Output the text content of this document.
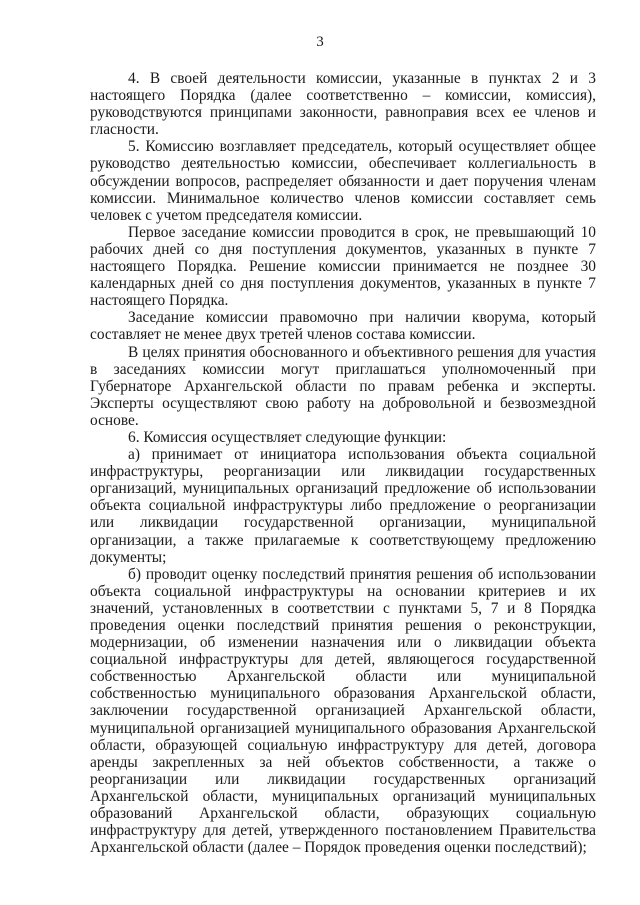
3

4. В своей деятельности комиссии, указанные в пунктах 2 и 3 настоящего Порядка (далее соответственно – комиссии, комиссия), руководствуются принципами законности, равноправия всех ее членов и гласности.

5. Комиссию возглавляет председатель, который осуществляет общее руководство деятельностью комиссии, обеспечивает коллегиальность в обсуждении вопросов, распределяет обязанности и дает поручения членам комиссии. Минимальное количество членов комиссии составляет семь человек с учетом председателя комиссии.

Первое заседание комиссии проводится в срок, не превышающий 10 рабочих дней со дня поступления документов, указанных в пункте 7 настоящего Порядка. Решение комиссии принимается не позднее 30 календарных дней со дня поступления документов, указанных в пункте 7 настоящего Порядка.

Заседание комиссии правомочно при наличии кворума, который составляет не менее двух третей членов состава комиссии.

В целях принятия обоснованного и объективного решения для участия в заседаниях комиссии могут приглашаться уполномоченный при Губернаторе Архангельской области по правам ребенка и эксперты. Эксперты осуществляют свою работу на добровольной и безвозмездной основе.

6. Комиссия осуществляет следующие функции:

а) принимает от инициатора использования объекта социальной инфраструктуры, реорганизации или ликвидации государственных организаций, муниципальных организаций предложение об использовании объекта социальной инфраструктуры либо предложение о реорганизации или ликвидации государственной организации, муниципальной организации, а также прилагаемые к соответствующему предложению документы;

б) проводит оценку последствий принятия решения об использовании объекта социальной инфраструктуры на основании критериев и их значений, установленных в соответствии с пунктами 5, 7 и 8 Порядка проведения оценки последствий принятия решения о реконструкции, модернизации, об изменении назначения или о ликвидации объекта социальной инфраструктуры для детей, являющегося государственной собственностью Архангельской области или муниципальной собственностью муниципального образования Архангельской области, заключении государственной организацией Архангельской области, муниципальной организацией муниципального образования Архангельской области, образующей социальную инфраструктуру для детей, договора аренды закрепленных за ней объектов собственности, а также о реорганизации или ликвидации государственных организаций Архангельской области, муниципальных организаций муниципальных образований Архангельской области, образующих социальную инфраструктуру для детей, утвержденного постановлением Правительства Архангельской области (далее – Порядок проведения оценки последствий);
